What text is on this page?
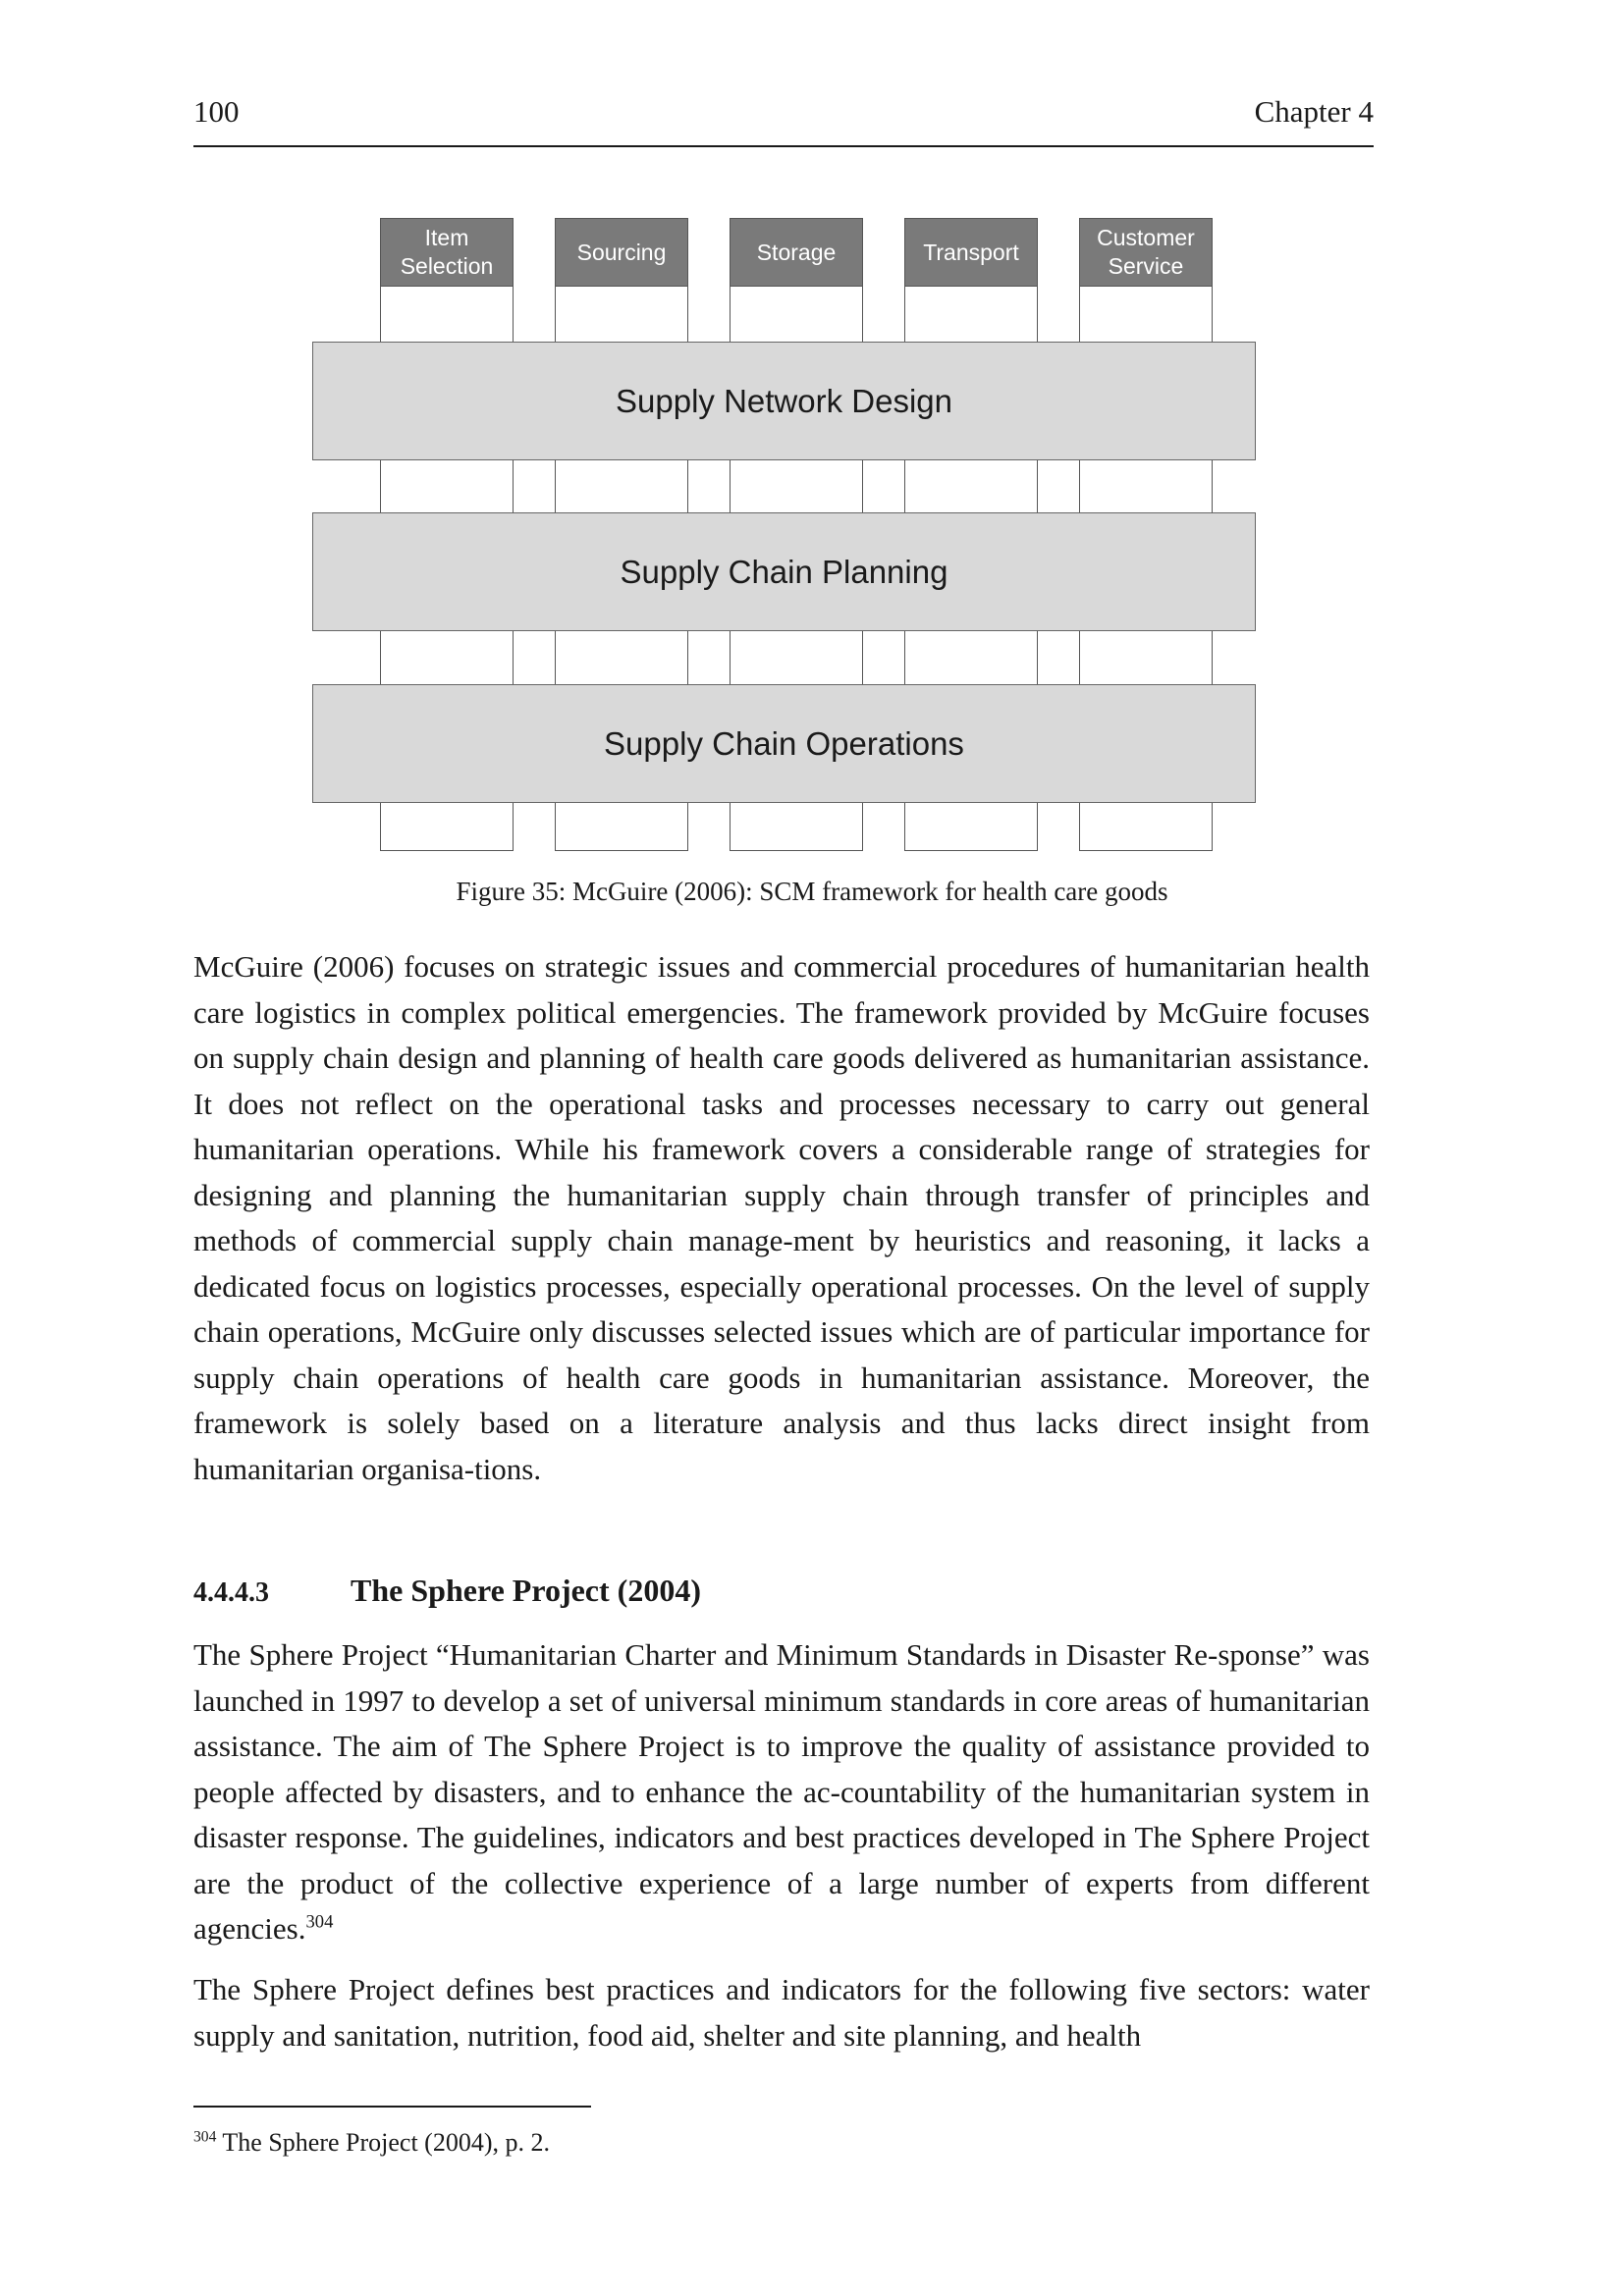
100	Chapter 4
Item Selection
Sourcing	Storage	Transport
Customer Service
Supply Network Design
Supply Chain Planning
Supply Chain Operations
Figure 35: McGuire (2006): SCM framework for health care goods

McGuire (2006) focuses on strategic issues and commercial procedures of humanitarian health care logistics in complex political emergencies. The framework provided by McGuire focuses on supply chain design and planning of health care goods delivered as humanitarian assistance. It does not reflect on the operational tasks and processes necessary to carry out general humanitarian operations. While his framework covers a considerable range of strategies for designing and planning the humanitarian supply chain through transfer of principles and methods of commercial supply chain manage-ment by heuristics and reasoning, it lacks a dedicated focus on logistics processes, especially operational processes. On the level of supply chain operations, McGuire only discusses selected issues which are of particular importance for supply chain operations of health care goods in humanitarian assistance. Moreover, the framework is solely based on a literature analysis and thus lacks direct insight from humanitarian organisa-tions.

4.4.4.3	The Sphere Project (2004)

The Sphere Project “Humanitarian Charter and Minimum Standards in Disaster Re-sponse” was launched in 1997 to develop a set of universal minimum standards in core areas of humanitarian assistance. The aim of The Sphere Project is to improve the quality of assistance provided to people affected by disasters, and to enhance the ac-countability of the humanitarian system in disaster response. The guidelines, indicators and best practices developed in The Sphere Project are the product of the collective experience of a large number of experts from different agencies.$^{304}$

The Sphere Project defines best practices and indicators for the following five sectors: water supply and sanitation, nutrition, food aid, shelter and site planning, and health

$^{304}$ The Sphere Project (2004), p. 2.
